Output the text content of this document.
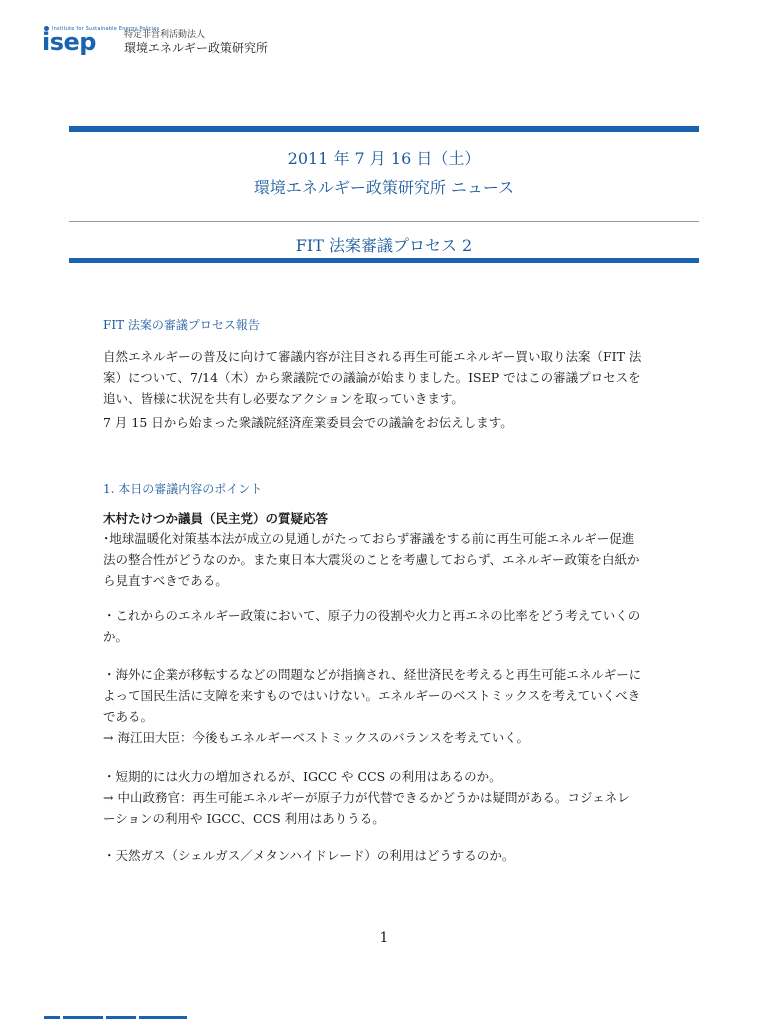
Institute for Sustainable Energy Policies
isep	特定非営利活動法人
環境エネルギー政策研究所
2011 年 7 月 16 日（土）
環境エネルギー政策研究所 ニュース
FIT 法案審議プロセス 2
FIT 法案の審議プロセス報告
自然エネルギーの普及に向けて審議内容が注目される再生可能エネルギー買い取り法案（FIT 法
案）について、7/14（木）から衆議院での議論が始まりました。ISEP ではこの審議プロセスを
追い、皆様に状況を共有し必要なアクションを取っていきます。
7 月 15 日から始まった衆議院経済産業委員会での議論をお伝えします。
1. 本日の審議内容のポイント
木村たけつか議員（民主党）の質疑応答
･地球温暖化対策基本法が成立の見通しがたっておらず審議をする前に再生可能エネルギー促進
法の整合性がどうなのか。また東日本大震災のことを考慮しておらず、エネルギー政策を白紙か
ら見直すべきである。
・これからのエネルギー政策において、原子力の役割や火力と再エネの比率をどう考えていくの
か。
・海外に企業が移転するなどの問題などが指摘され、経世済民を考えると再生可能エネルギーに
よって国民生活に支障を来すものではいけない。エネルギーのベストミックスを考えていくべき
である。
→ 海江田大臣：今後もエネルギーベストミックスのバランスを考えていく。
・短期的には火力の増加されるが、IGCC や CCS の利用はあるのか。
→ 中山政務官：再生可能エネルギーが原子力が代替できるかどうかは疑問がある。コジェネレ
ーションの利用や IGCC、CCS 利用はありうる。
・天然ガス（シェルガス／メタンハイドレード）の利用はどうするのか。
1
